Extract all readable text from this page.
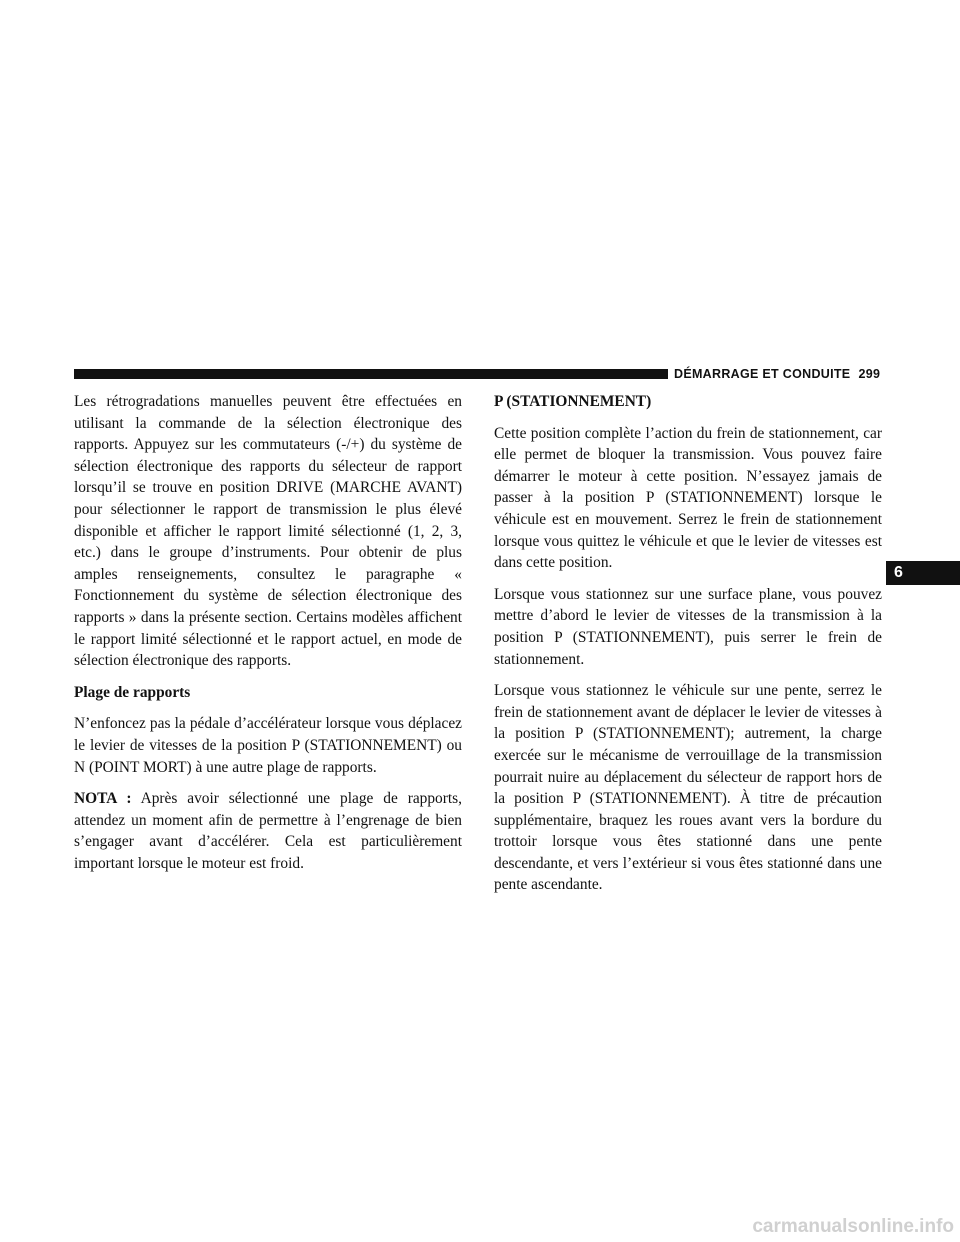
DÉMARRAGE ET CONDUITE 299

Les rétrogradations manuelles peuvent être effectuées en utilisant la commande de la sélection électronique des rapports. Appuyez sur les commutateurs (-/+) du système de sélection électronique des rapports du sélecteur de rapport lorsqu’il se trouve en position DRIVE (MARCHE AVANT) pour sélectionner le rapport de transmission le plus élevé disponible et afficher le rapport limité sélectionné (1, 2, 3, etc.) dans le groupe d’instruments. Pour obtenir de plus amples renseignements, consultez le paragraphe « Fonctionnement du système de sélection électronique des rapports » dans la présente section. Certains modèles affichent le rapport limité sélectionné et le rapport actuel, en mode de sélection électronique des rapports.

Plage de rapports

N’enfoncez pas la pédale d’accélérateur lorsque vous déplacez le levier de vitesses de la position P (STATIONNEMENT) ou N (POINT MORT) à une autre plage de rapports.

NOTA : Après avoir sélectionné une plage de rapports, attendez un moment afin de permettre à l’engrenage de bien s’engager avant d’accélérer. Cela est particulièrement important lorsque le moteur est froid.

P (STATIONNEMENT)

Cette position complète l’action du frein de stationnement, car elle permet de bloquer la transmission. Vous pouvez faire démarrer le moteur à cette position. N’essayez jamais de passer à la position P (STATIONNEMENT) lorsque le véhicule est en mouvement. Serrez le frein de stationnement lorsque vous quittez le véhicule et que le levier de vitesses est dans cette position.

Lorsque vous stationnez sur une surface plane, vous pouvez mettre d’abord le levier de vitesses de la transmission à la position P (STATIONNEMENT), puis serrer le frein de stationnement.

Lorsque vous stationnez le véhicule sur une pente, serrez le frein de stationnement avant de déplacer le levier de vitesses à la position P (STATIONNEMENT); autrement, la charge exercée sur le mécanisme de verrouillage de la transmission pourrait nuire au déplacement du sélecteur de rapport hors de la position P (STATIONNEMENT). À titre de précaution supplémentaire, braquez les roues avant vers la bordure du trottoir lorsque vous êtes stationné dans une pente descendante, et vers l’extérieur si vous êtes stationné dans une pente ascendante.

6
carmanualsonline.info
